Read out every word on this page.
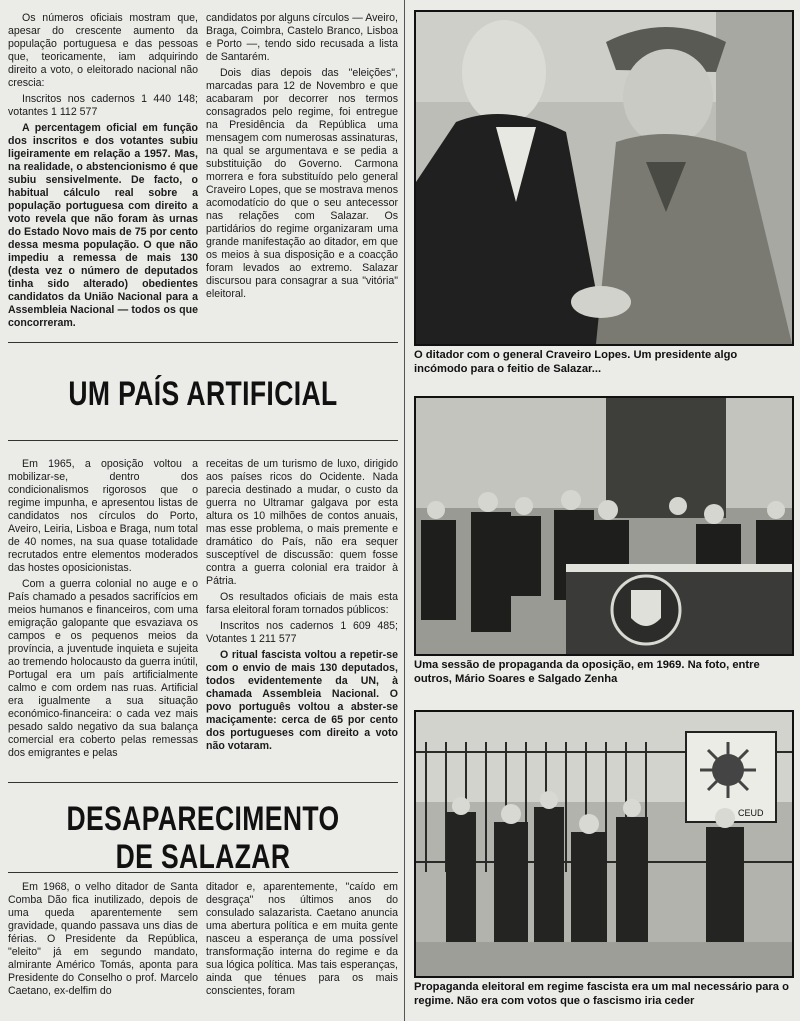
Os números oficiais mostram que, apesar do crescente aumento da população portuguesa e das pessoas que, teoricamente, iam adquirindo direito a voto, o eleitorado nacional não crescia:

Inscritos nos cadernos 1 440 148; votantes 1 112 577

A percentagem oficial em função dos inscritos e dos votantes subiu ligeiramente em relação a 1957. Mas, na realidade, o abstencionismo é que subiu sensivelmente. De facto, o habitual cálculo real sobre a população portuguesa com direito a voto revela que não foram às urnas do Estado Novo mais de 75 por cento dessa mesma população. O que não impediu a remessa de mais 130 (desta vez o número de deputados tinha sido alterado) obedientes candidatos da União Nacional para a Assembleia Nacional — todos os que concorreram.

candidatos por alguns círculos — Aveiro, Braga, Coimbra, Castelo Branco, Lisboa e Porto —, tendo sido recusada a lista de Santarém.

Dois dias depois das "eleições", marcadas para 12 de Novembro e que acabaram por decorrer nos termos consagrados pelo regime, foi entregue na Presidência da República uma mensagem com numerosas assinaturas, na qual se argumentava e se pedia a substituição do Governo. Carmona morrera e fora substituído pelo general Craveiro Lopes, que se mostrava menos acomodatício do que o seu antecessor nas relações com Salazar. Os partidários do regime organizaram uma grande manifestação ao ditador, em que os meios à sua disposição e a coacção foram levados ao extremo. Salazar discursou para consagrar a sua "vitória" eleitoral.

UM PAÍS ARTIFICIAL

Em 1965, a oposição voltou a mobilizar-se, dentro dos condicionalismos rigorosos que o regime impunha, e apresentou listas de candidatos nos círculos do Porto, Aveiro, Leiria, Lisboa e Braga, num total de 40 nomes, na sua quase totalidade recrutados entre elementos moderados das hostes oposicionistas.

Com a guerra colonial no auge e o País chamado a pesados sacrifícios em meios humanos e financeiros, com uma emigração galopante que esvaziava os campos e os pequenos meios da província, a juventude inquieta e sujeita ao tremendo holocausto da guerra inútil, Portugal era um país artificialmente calmo e com ordem nas ruas. Artificial era igualmente a sua situação económico-financeira: o cada vez mais pesado saldo negativo da sua balança comercial era coberto pelas remessas dos emigrantes e pelas

receitas de um turismo de luxo, dirigido aos países ricos do Ocidente. Nada parecia destinado a mudar, o custo da guerra no Ultramar galgava por esta altura os 10 milhões de contos anuais, mas esse problema, o mais premente e dramático do País, não era sequer susceptível de discussão: quem fosse contra a guerra colonial era traidor à Pátria.

Os resultados oficiais de mais esta farsa eleitoral foram tornados públicos:

Inscritos nos cadernos 1 609 485; Votantes 1 211 577

O ritual fascista voltou a repetir-se com o envio de mais 130 deputados, todos evidentemente da UN, à chamada Assembleia Nacional. O povo português voltou a abster-se maciçamente: cerca de 65 por cento dos portugueses com direito a voto não votaram.

DESAPARECIMENTO
DE SALAZAR

Em 1968, o velho ditador de Santa Comba Dão fica inutilizado, depois de uma queda aparentemente sem gravidade, quando passava uns dias de férias. O Presidente da República, "eleito" já em segundo mandato, almirante Américo Tomás, aponta para Presidente do Conselho o prof. Marcelo Caetano, ex-delfim do

ditador e, aparentemente, "caído em desgraça" nos últimos anos do consulado salazarista. Caetano anuncia uma abertura política e em muita gente nasceu a esperança de uma possível transformação interna do regime e da sua lógica política. Mas tais esperanças, ainda que ténues para os mais conscientes, foram

O ditador com o general Craveiro Lopes. Um presidente algo incómodo para o feitio de Salazar...
Uma sessão de propaganda da oposição, em 1969. Na foto, entre outros, Mário Soares e Salgado Zenha
CEUD
Propaganda eleitoral em regime fascista era um mal necessário para o regime. Não era com votos que o fascismo iria ceder
